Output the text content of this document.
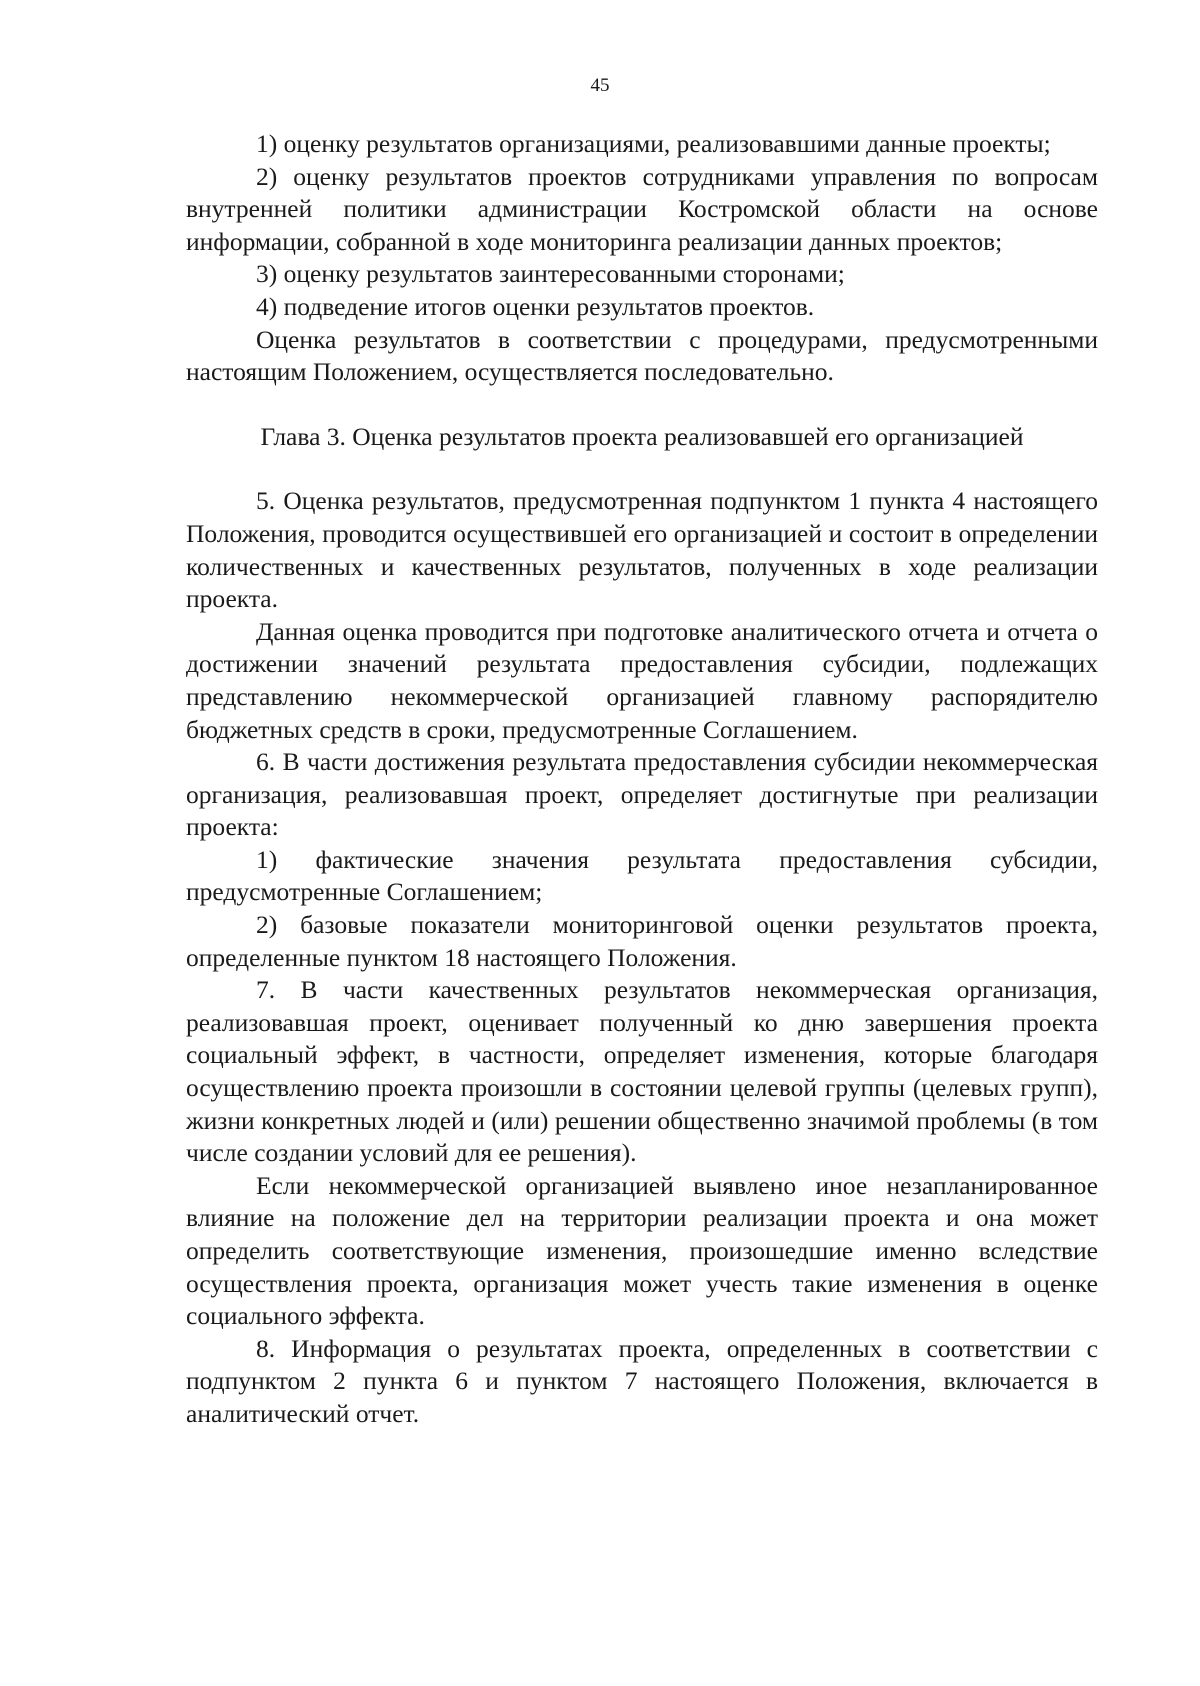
45

1) оценку результатов организациями, реализовавшими данные проекты;

2) оценку результатов проектов сотрудниками управления по вопросам внутренней политики администрации Костромской области на основе информации, собранной в ходе мониторинга реализации данных проектов;

3) оценку результатов заинтересованными сторонами;

4) подведение итогов оценки результатов проектов.

Оценка результатов в соответствии с процедурами, предусмотренными настоящим Положением, осуществляется последовательно.

Глава 3. Оценка результатов проекта реализовавшей его организацией

5. Оценка результатов, предусмотренная подпунктом 1 пункта 4 настоящего Положения, проводится осуществившей его организацией и состоит в определении количественных и качественных результатов, полученных в ходе реализации проекта.

Данная оценка проводится при подготовке аналитического отчета и отчета о достижении значений результата предоставления субсидии, подлежащих представлению некоммерческой организацией главному распорядителю бюджетных средств в сроки, предусмотренные Соглашением.

6. В части достижения результата предоставления субсидии некоммерческая организация, реализовавшая проект, определяет достигнутые при реализации проекта:

1) фактические значения результата предоставления субсидии, предусмотренные Соглашением;

2) базовые показатели мониторинговой оценки результатов проекта, определенные пунктом 18 настоящего Положения.

7. В части качественных результатов некоммерческая организация, реализовавшая проект, оценивает полученный ко дню завершения проекта социальный эффект, в частности, определяет изменения, которые благодаря осуществлению проекта произошли в состоянии целевой группы (целевых групп), жизни конкретных людей и (или) решении общественно значимой проблемы (в том числе создании условий для ее решения).

Если некоммерческой организацией выявлено иное незапланированное влияние на положение дел на территории реализации проекта и она может определить соответствующие изменения, произошедшие именно вследствие осуществления проекта, организация может учесть такие изменения в оценке социального эффекта.

8. Информация о результатах проекта, определенных в соответствии с подпунктом 2 пункта 6 и пунктом 7 настоящего Положения, включается в аналитический отчет.
